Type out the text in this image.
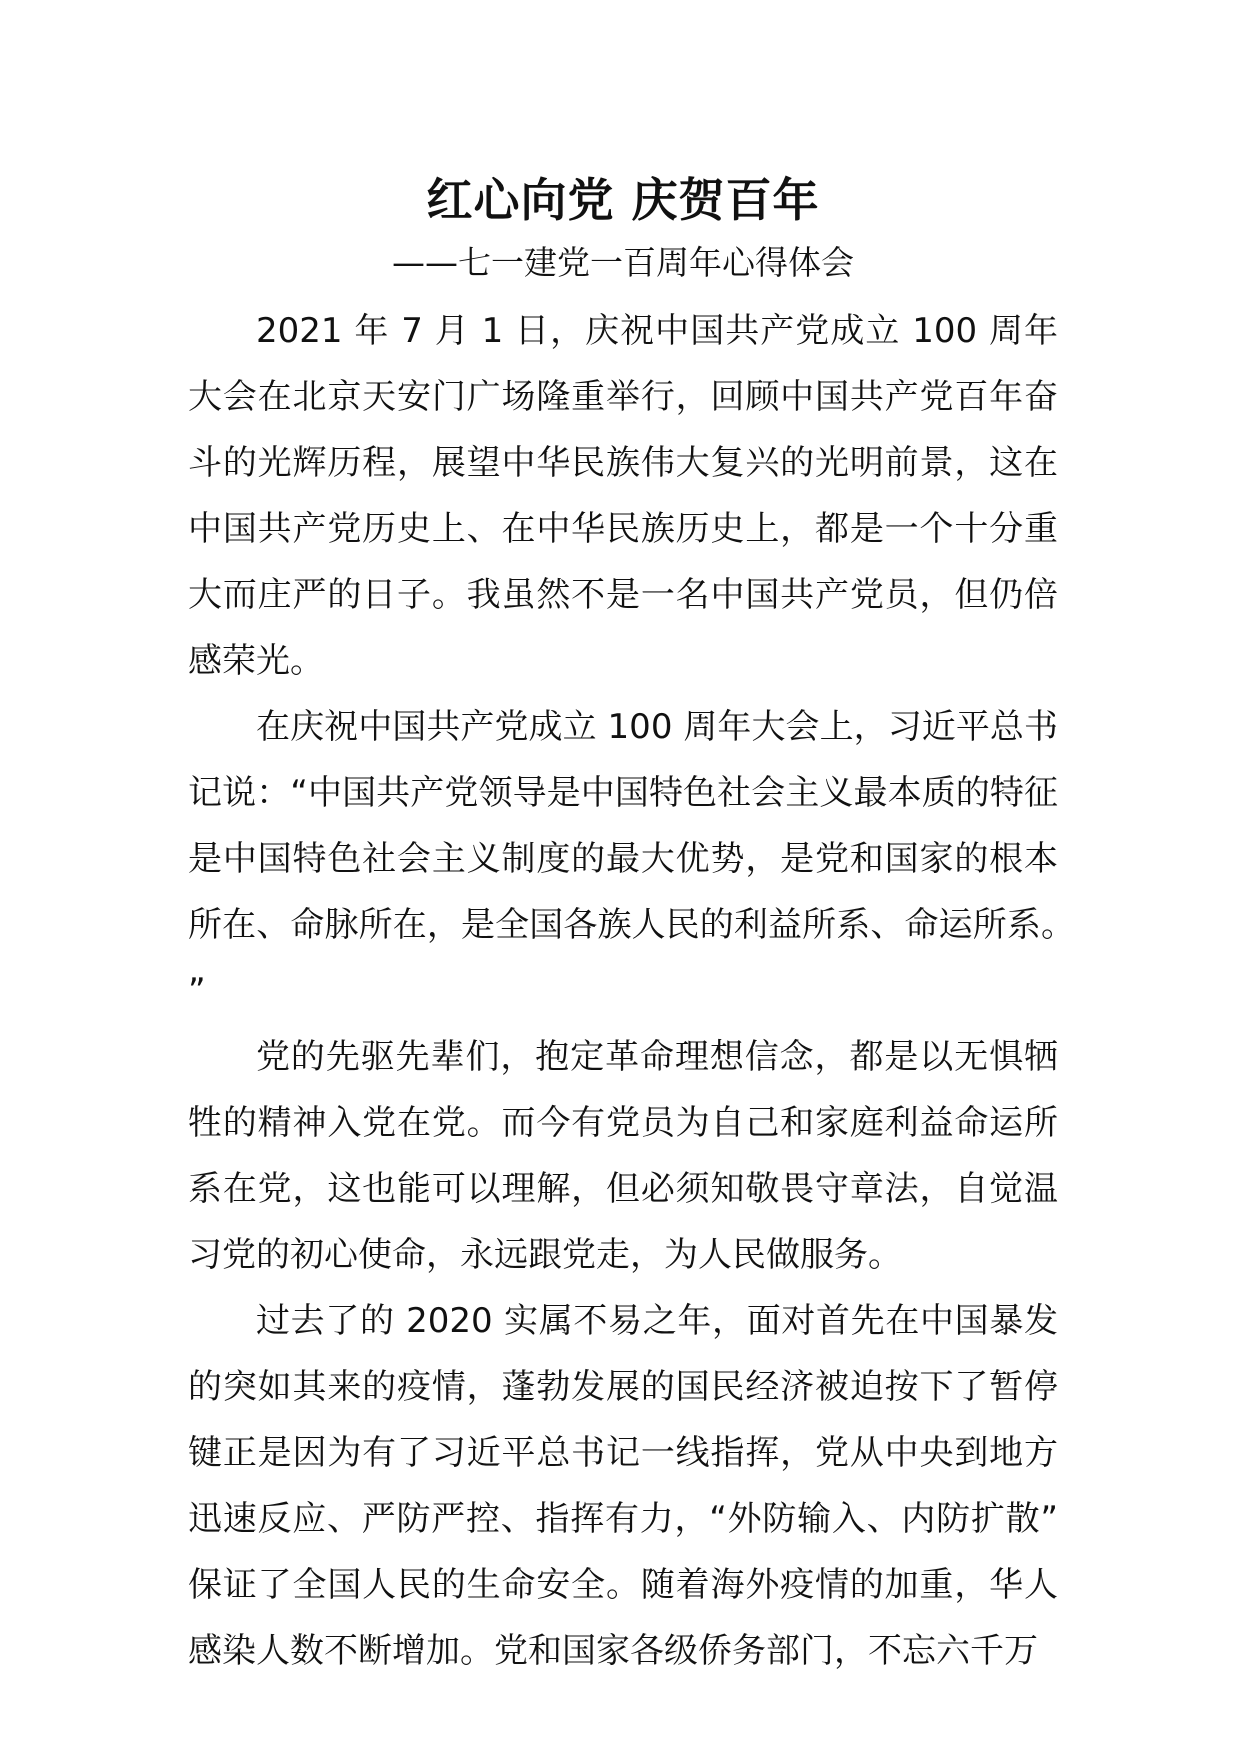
红心向党 庆贺百年
——七一建党一百周年心得体会

2021 年 7 月 1 日，庆祝中国共产党成立 100 周年大会在北京天安门广场隆重举行，回顾中国共产党百年奋斗的光辉历程，展望中华民族伟大复兴的光明前景，这在中国共产党历史上、在中华民族历史上，都是一个十分重大而庄严的日子。我虽然不是一名中国共产党员，但仍倍感荣光。

在庆祝中国共产党成立 100 周年大会上，习近平总书记说：“中国共产党领导是中国特色社会主义最本质的特征是中国特色社会主义制度的最大优势，是党和国家的根本所在、命脉所在，是全国各族人民的利益所系、命运所系。”

党的先驱先辈们，抱定革命理想信念，都是以无惧牺牲的精神入党在党。而今有党员为自己和家庭利益命运所系在党，这也能可以理解，但必须知敬畏守章法，自觉温习党的初心使命，永远跟党走，为人民做服务。

过去了的 2020 实属不易之年，面对首先在中国暴发的突如其来的疫情，蓬勃发展的国民经济被迫按下了暂停键正是因为有了习近平总书记一线指挥，党从中央到地方迅速反应、严防严控、指挥有力，“外防输入、内防扩散”保证了全国人民的生命安全。随着海外疫情的加重，华人感染人数不断增加。党和国家各级侨务部门，不忘六千万
